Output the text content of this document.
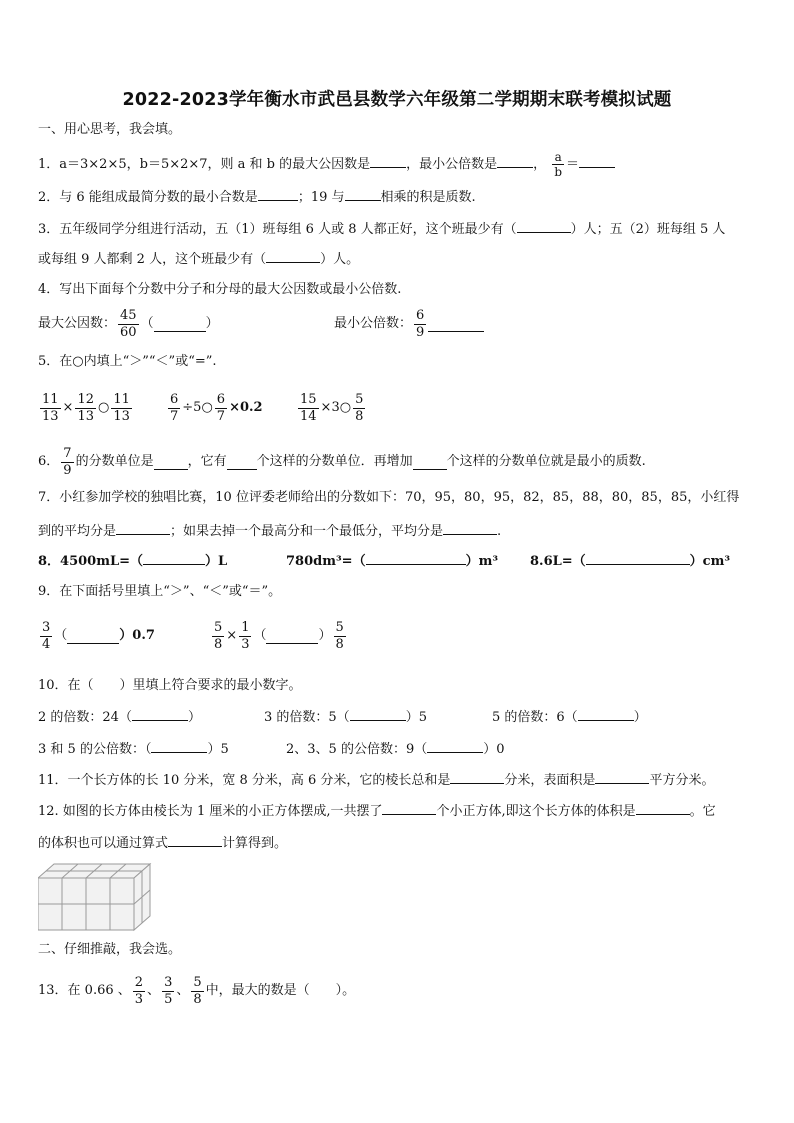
2022-2023学年衡水市武邑县数学六年级第二学期期末联考模拟试题
一、用心思考，我会填。
1．a＝3×2×5，b＝5×2×7，则 a 和 b 的最大公因数是	，最小公倍数是	， $\frac{a}{b}$ ＝
2．与 6 能组成最简分数的最小合数是	；19 与	相乘的积是质数.
3．五年级同学分组进行活动，五（1）班每组 6 人或 8 人都正好，这个班最少有（	）人；五（2）班每组 5 人
或每组 9 人都剩 2 人，这个班最少有（	）人。
4．写出下面每个分数中分子和分母的最大公因数或最小公倍数.
最大公因数： $\frac{45}{60}$ （	）	最小公倍数： $\frac{6}{9}$
5．在○内填上“＞”“＜”或“=”.
$\frac{11}{13} \times \frac{12}{13}$ ○ $\frac{11}{13}$	$\frac{6}{7}$ ÷5○ $\frac{6}{7} \times 0.2$	$\frac{15}{14}$ ×3○ $\frac{5}{8}$
6． $\frac{7}{9}$ 的分数单位是	，它有 个这样的分数单位．再增加	个这样的分数单位就是最小的质数.
7．小红参加学校的独唱比赛，10 位评委老师给出的分数如下：70，95，80，95，82，85，88，80，85，85，小红得
到的平均分是	；如果去掉一个最高分和一个最低分，平均分是	.
8．4500mL=（	）L	780dm³=（	）m³ 8.6L=（	）cm³
9．在下面括号里填上“＞”、“＜”或“＝”。
$\frac{3}{4}$ （	）0.7	$\frac{5}{8} \times \frac{1}{3}$ （	） $\frac{5}{8}$
10．在（　　）里填上符合要求的最小数字。
2 的倍数：24（	）	3 的倍数：5（	）5	5 的倍数：6（	）
3 和 5 的公倍数：（	）5	2、3、5 的公倍数：9（	）0
11．一个长方体的长 10 分米，宽 8 分米，高 6 分米，它的棱长总和是	分米，表面积是	平方分米。
12. 如图的长方体由棱长为 1 厘米的小正方体摆成,一共摆了	个小正方体,即这个长方体的体积是	。它
的体积也可以通过算式	计算得到。
二、仔细推敲，我会选。
13．在 0.66 、 $\frac{2}{3}$ 、 $\frac{3}{5}$ 、 $\frac{5}{8}$ 中，最大的数是（　　）。
